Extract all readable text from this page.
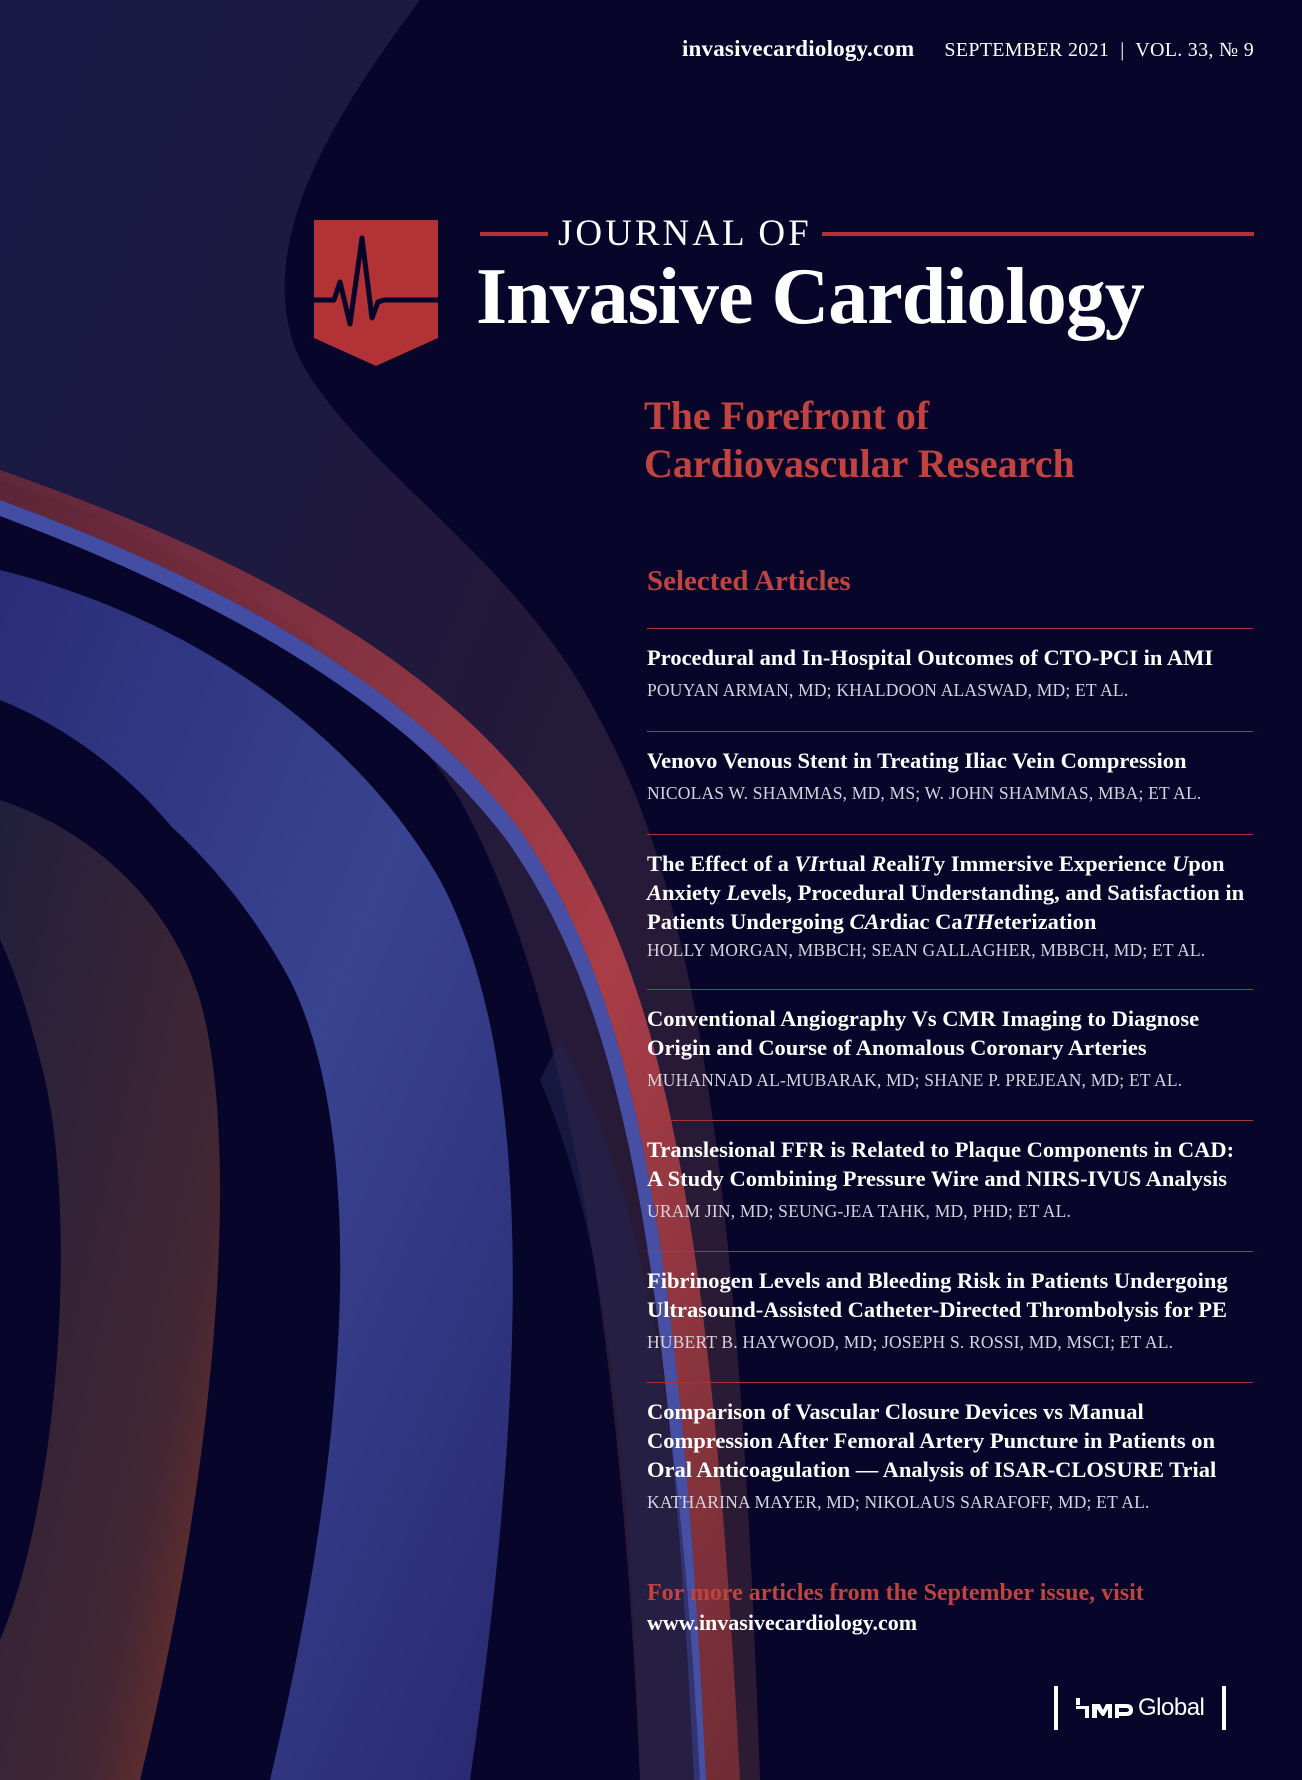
invasivecardiology.com SEPTEMBER 2021 | VOL. 33, № 9
JOURNAL OF
Invasive Cardiology
The Forefront of
Cardiovascular Research
Selected Articles
Procedural and In-Hospital Outcomes of CTO-PCI in AMI
POUYAN ARMAN, MD; KHALDOON ALASWAD, MD; ET AL.
Venovo Venous Stent in Treating Iliac Vein Compression
NICOLAS W. SHAMMAS, MD, MS; W. JOHN SHAMMAS, MBA; ET AL.
The Effect of a VIrtual RealiTy Immersive Experience Upon Anxiety Levels, Procedural Understanding, and Satisfaction in Patients Undergoing CArdiac CaTHeterization
HOLLY MORGAN, MBBCH; SEAN GALLAGHER, MBBCH, MD; ET AL.
Conventional Angiography Vs CMR Imaging to Diagnose Origin and Course of Anomalous Coronary Arteries
MUHANNAD AL-MUBARAK, MD; SHANE P. PREJEAN, MD; ET AL.
Translesional FFR is Related to Plaque Components in CAD: A Study Combining Pressure Wire and NIRS-IVUS Analysis
URAM JIN, MD; SEUNG-JEA TAHK, MD, PHD; ET AL.
Fibrinogen Levels and Bleeding Risk in Patients Undergoing Ultrasound-Assisted Catheter-Directed Thrombolysis for PE
HUBERT B. HAYWOOD, MD; JOSEPH S. ROSSI, MD, MSCI; ET AL.
Comparison of Vascular Closure Devices vs Manual Compression After Femoral Artery Puncture in Patients on Oral Anticoagulation — Analysis of ISAR-CLOSURE Trial
KATHARINA MAYER, MD; NIKOLAUS SARAFOFF, MD; ET AL.
For more articles from the September issue, visit
www.invasivecardiology.com
Global
